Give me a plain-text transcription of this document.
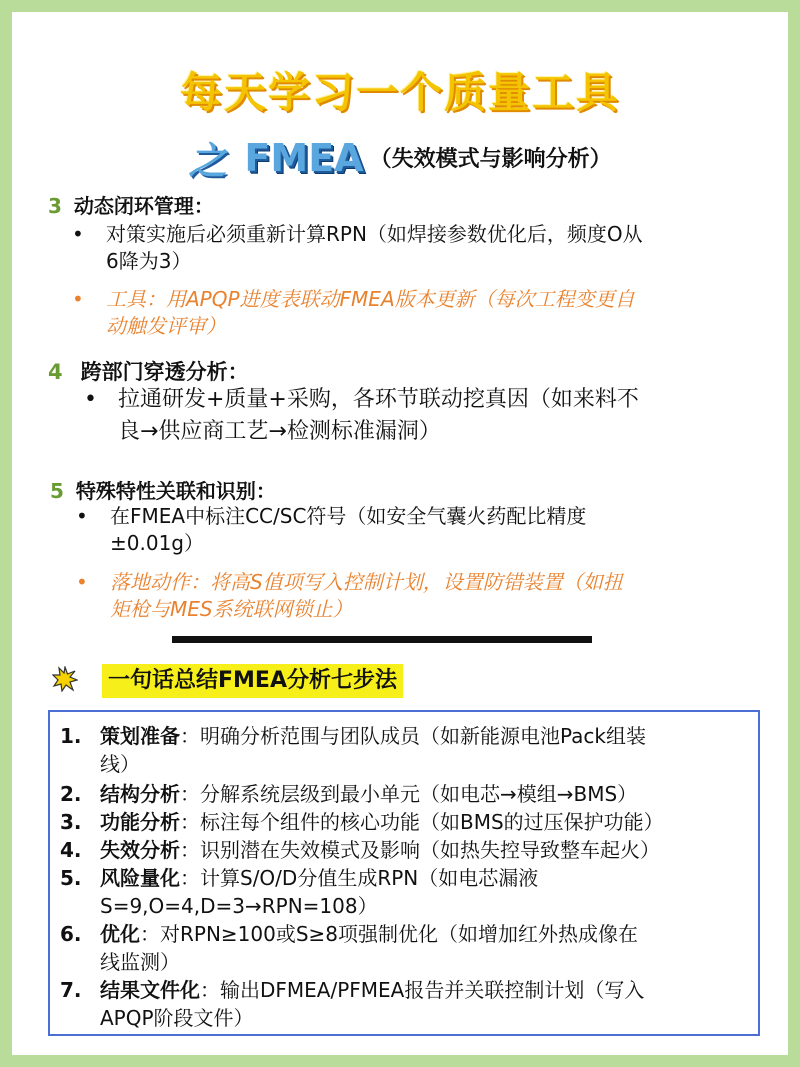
每天学习一个质量工具
之 FMEA （失效模式与影响分析）
3 动态闭环管理：
• 对策实施后必须重新计算RPN（如焊接参数优化后，频度O从
6降为3）
• 工具：用APQP进度表联动FMEA版本更新（每次工程变更自
动触发评审）
4 跨部门穿透分析：
• 拉通研发+质量+采购，各环节联动挖真因（如来料不
良→供应商工艺→检测标准漏洞）
5 特殊特性关联和识别：
• 在FMEA中标注CC/SC符号（如安全气囊火药配比精度
±0.01g）
• 落地动作：将高S值项写入控制计划，设置防错装置（如扭
矩枪与MES系统联网锁止）
一句话总结FMEA分析七步法
1. 策划准备：明确分析范围与团队成员（如新能源电池Pack组装
线）
2. 结构分析：分解系统层级到最小单元（如电芯→模组→BMS）
3. 功能分析：标注每个组件的核心功能（如BMS的过压保护功能）
4. 失效分析：识别潜在失效模式及影响（如热失控导致整车起火）
5. 风险量化：计算S/O/D分值生成RPN（如电芯漏液
S=9,O=4,D=3→RPN=108）
6. 优化：对RPN≥100或S≥8项强制优化（如增加红外热成像在
线监测）
7. 结果文件化：输出DFMEA/PFMEA报告并关联控制计划（写入
APQP阶段文件）
